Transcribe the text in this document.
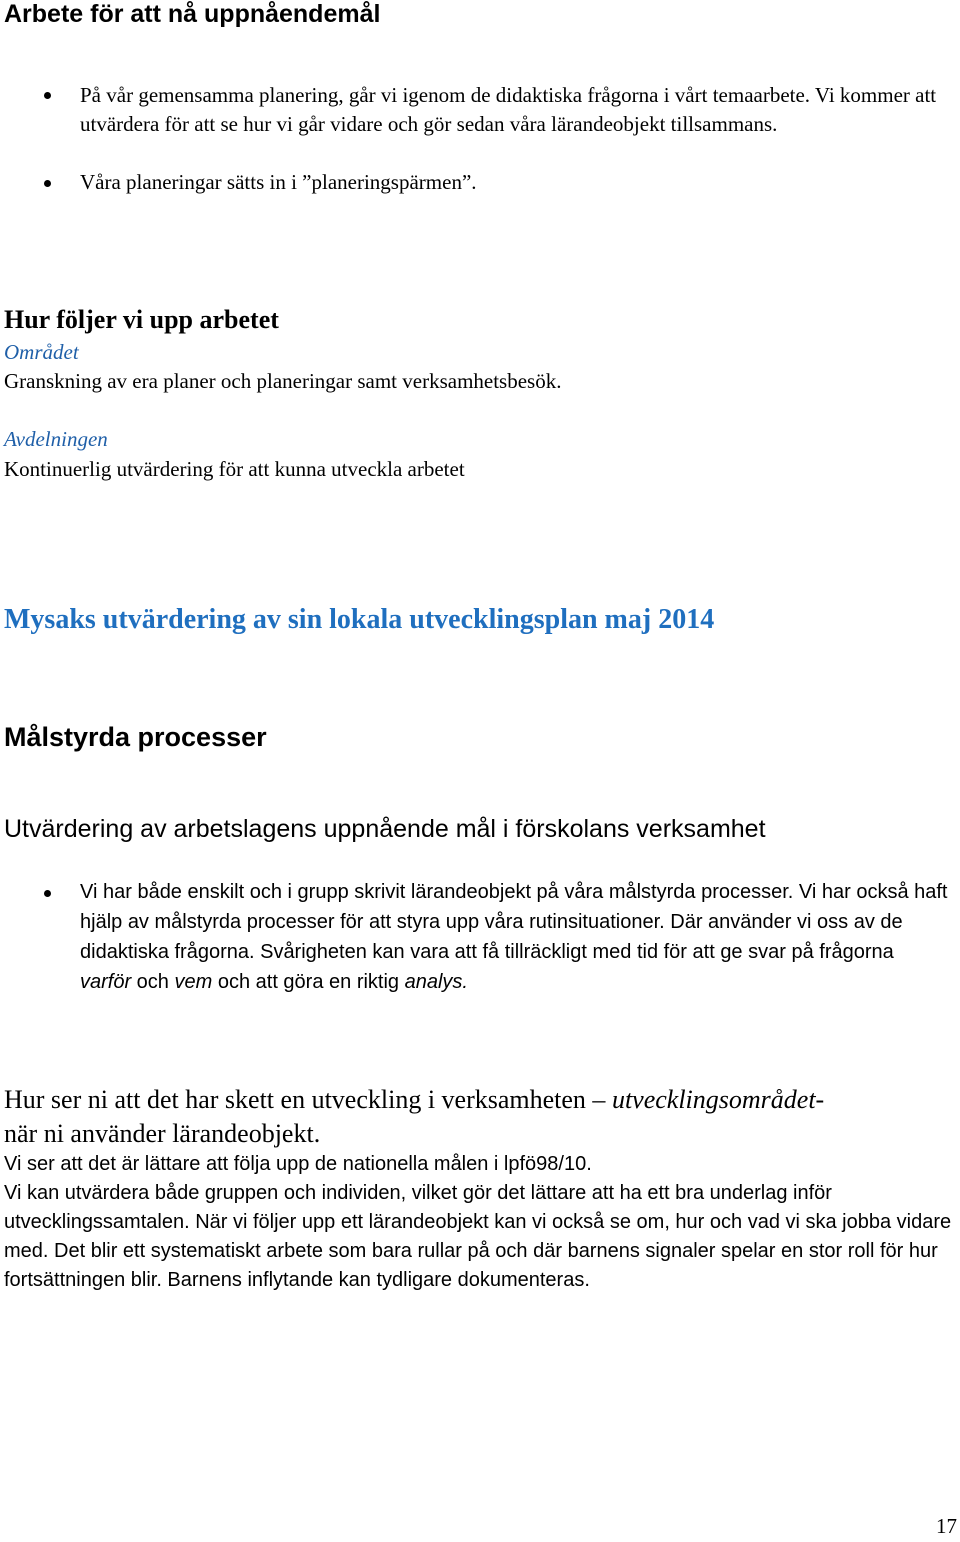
Arbete för att nå uppnåendemål
På vår gemensamma planering, går vi igenom de didaktiska frågorna i vårt temaarbete. Vi kommer att utvärdera för att se hur vi går vidare och gör sedan våra lärandeobjekt tillsammans.
Våra planeringar sätts in i ”planeringspärmen”.
Hur följer vi upp arbetet
Området
Granskning av era planer och planeringar samt verksamhetsbesök.
Avdelningen
Kontinuerlig utvärdering för att kunna utveckla arbetet
Mysaks utvärdering av sin lokala utvecklingsplan maj 2014
Målstyrda processer
Utvärdering av arbetslagens uppnående mål i förskolans verksamhet
Vi har både enskilt och i grupp skrivit lärandeobjekt på våra målstyrda processer. Vi har också haft hjälp av målstyrda processer för att styra upp våra rutinsituationer. Där använder vi oss av de didaktiska frågorna. Svårigheten kan vara att få tillräckligt med tid för att ge svar på frågorna varför och vem och att göra en riktig analys.
Hur ser ni att det har skett en utveckling i verksamheten – utvecklingsområdet-
när ni använder lärandeobjekt.
Vi ser att det är lättare att följa upp de nationella målen i lpfö98/10.
Vi kan utvärdera både gruppen och individen, vilket gör det lättare att ha ett bra underlag inför utvecklingssamtalen. När vi följer upp ett lärandeobjekt kan vi också se om, hur och vad vi ska jobba vidare med. Det blir ett systematiskt arbete som bara rullar på och där barnens signaler spelar en stor roll för hur fortsättningen blir. Barnens inflytande kan tydligare dokumenteras.
17
